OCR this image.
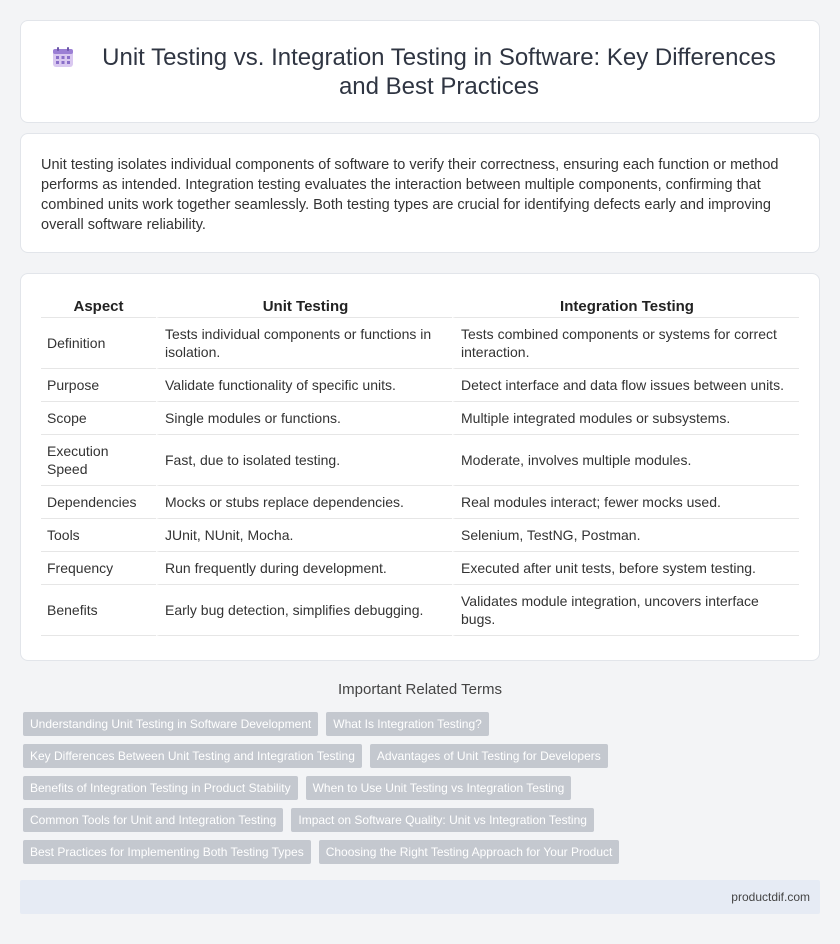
Unit Testing vs. Integration Testing in Software: Key Differences and Best Practices

Unit testing isolates individual components of software to verify their correctness, ensuring each function or method performs as intended. Integration testing evaluates the interaction between multiple components, confirming that combined units work together seamlessly. Both testing types are crucial for identifying defects early and improving overall software reliability.

Aspect	Unit Testing	Integration Testing
Definition	Tests individual components or functions in isolation.	Tests combined components or systems for correct interaction.
Purpose	Validate functionality of specific units.	Detect interface and data flow issues between units.
Scope	Single modules or functions.	Multiple integrated modules or subsystems.
Execution Speed	Fast, due to isolated testing.	Moderate, involves multiple modules.
Dependencies	Mocks or stubs replace dependencies.	Real modules interact; fewer mocks used.
Tools	JUnit, NUnit, Mocha.	Selenium, TestNG, Postman.
Frequency	Run frequently during development.	Executed after unit tests, before system testing.
Benefits	Early bug detection, simplifies debugging.	Validates module integration, uncovers interface bugs.
Important Related Terms
Understanding Unit Testing in Software Development	What Is Integration Testing?
Key Differences Between Unit Testing and Integration Testing	Advantages of Unit Testing for Developers
Benefits of Integration Testing in Product Stability	When to Use Unit Testing vs Integration Testing
Common Tools for Unit and Integration Testing	Impact on Software Quality: Unit vs Integration Testing
Best Practices for Implementing Both Testing Types	Choosing the Right Testing Approach for Your Product
productdif.com
